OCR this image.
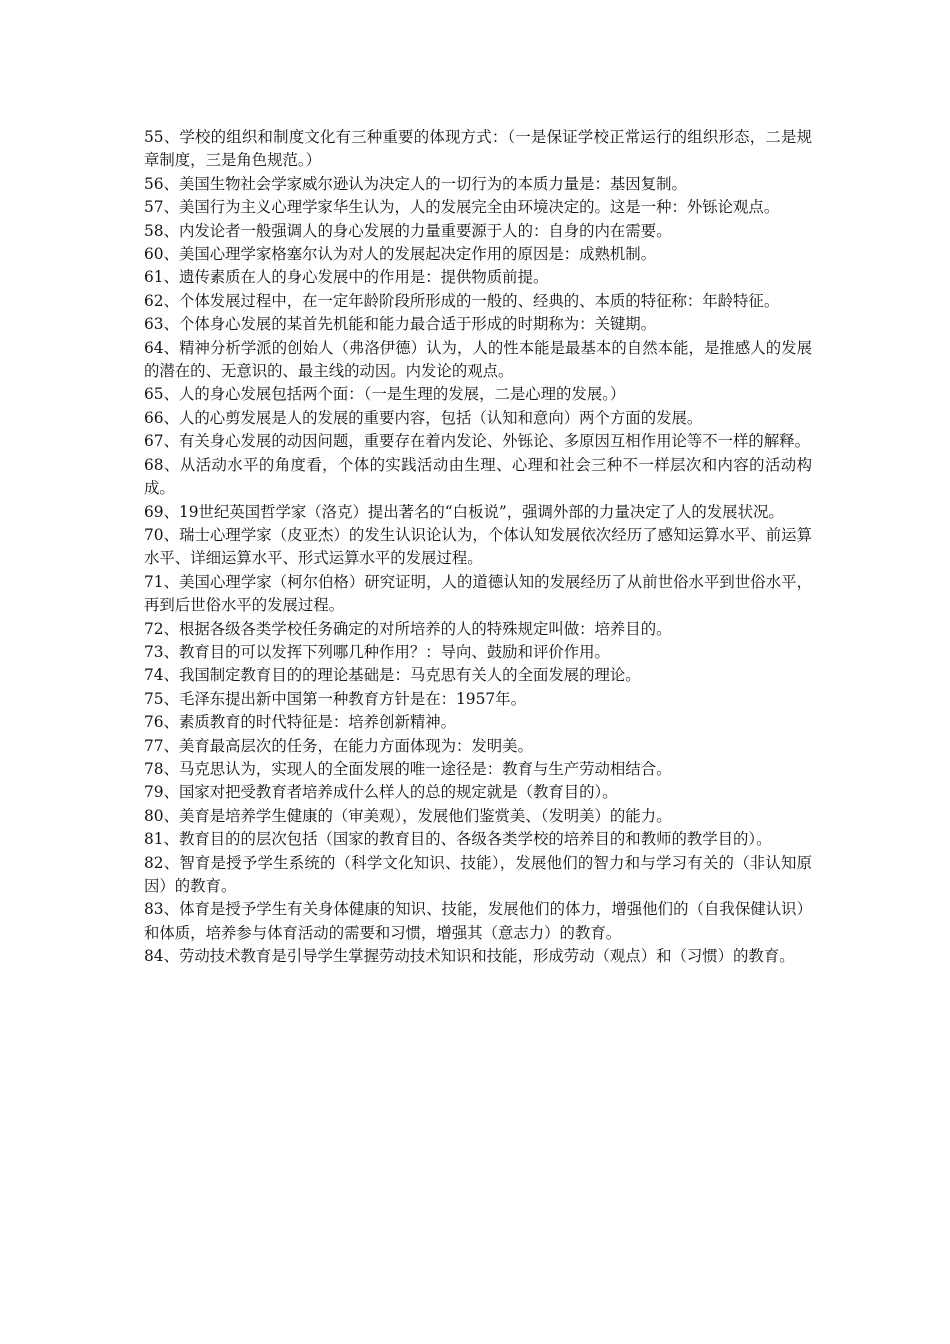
55、学校的组织和制度文化有三种重要的体现方式：（一是保证学校正常运行的组织形态，二是规章制度，三是角色规范。）

56、美国生物社会学家威尔逊认为决定人的一切行为的本质力量是：基因复制。

57、美国行为主义心理学家华生认为，人的发展完全由环境决定的。这是一种：外铄论观点。

58、内发论者一般强调人的身心发展的力量重要源于人的：自身的内在需要。

60、美国心理学家格塞尔认为对人的发展起决定作用的原因是：成熟机制。

61、遗传素质在人的身心发展中的作用是：提供物质前提。

62、个体发展过程中，在一定年龄阶段所形成的一般的、经典的、本质的特征称：年龄特征。

63、个体身心发展的某首先机能和能力最合适于形成的时期称为：关键期。

64、精神分析学派的创始人（弗洛伊德）认为，人的性本能是最基本的自然本能，是推感人的发展的潜在的、无意识的、最主线的动因。内发论的观点。

65、人的身心发展包括两个面：（一是生理的发展，二是心理的发展。）

66、人的心剪发展是人的发展的重要内容，包括（认知和意向）两个方面的发展。

67、有关身心发展的动因问题，重要存在着内发论、外铄论、多原因互相作用论等不一样的解释。

68、从活动水平的角度看，个体的实践活动由生理、心理和社会三种不一样层次和内容的活动构成。

69、19世纪英国哲学家（洛克）提出著名的“白板说”，强调外部的力量决定了人的发展状况。

70、瑞士心理学家（皮亚杰）的发生认识论认为，个体认知发展依次经历了感知运算水平、前运算水平、详细运算水平、形式运算水平的发展过程。

71、美国心理学家（柯尔伯格）研究证明，人的道德认知的发展经历了从前世俗水平到世俗水平，再到后世俗水平的发展过程。

72、根据各级各类学校任务确定的对所培养的人的特殊规定叫做：培养目的。

73、教育目的可以发挥下列哪几种作用？：导向、鼓励和评价作用。

74、我国制定教育目的的理论基础是：马克思有关人的全面发展的理论。

75、毛泽东提出新中国第一种教育方针是在：1957年。

76、素质教育的时代特征是：培养创新精神。

77、美育最高层次的任务，在能力方面体现为：发明美。

78、马克思认为，实现人的全面发展的唯一途径是：教育与生产劳动相结合。

79、国家对把受教育者培养成什么样人的总的规定就是（教育目的）。

80、美育是培养学生健康的（审美观），发展他们鉴赏美、（发明美）的能力。

81、教育目的的层次包括（国家的教育目的、各级各类学校的培养目的和教师的教学目的）。

82、智育是授予学生系统的（科学文化知识、技能），发展他们的智力和与学习有关的（非认知原因）的教育。

83、体育是授予学生有关身体健康的知识、技能，发展他们的体力，增强他们的（自我保健认识）和体质，培养参与体育活动的需要和习惯，增强其（意志力）的教育。

84、劳动技术教育是引导学生掌握劳动技术知识和技能，形成劳动（观点）和（习惯）的教育。
